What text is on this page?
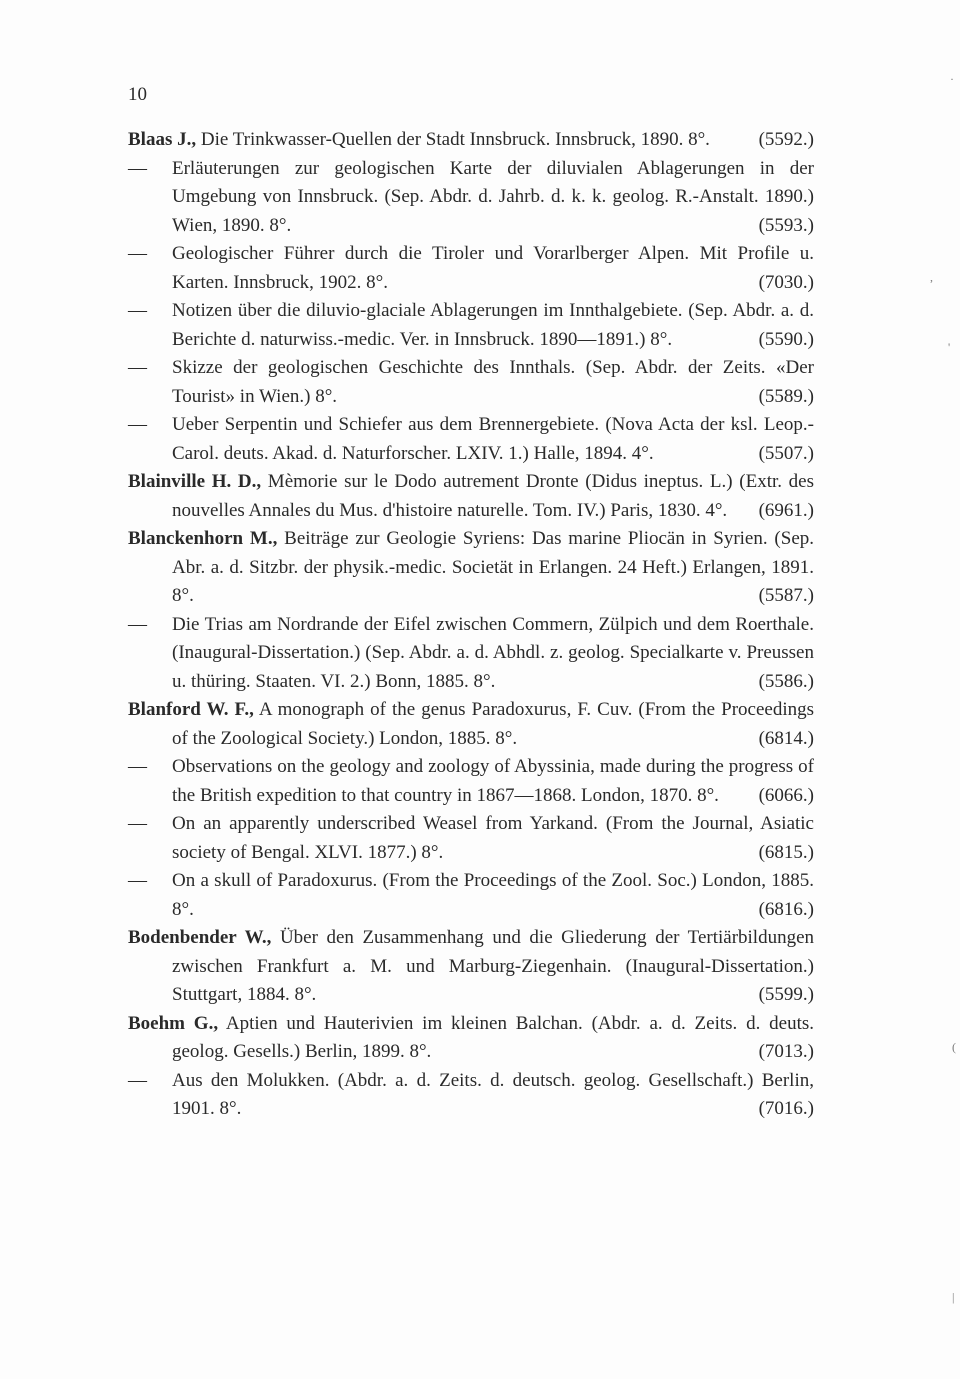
10
Blaas J., Die Trinkwasser-Quellen der Stadt Innsbruck. Innsbruck, 1890. 8°.	(5592.)
— Erläuterungen zur geologischen Karte der diluvialen Ablagerungen in der Umgebung von Innsbruck. (Sep. Abdr. d. Jahrb. d. k. k. geolog. R.-Anstalt. 1890.) Wien, 1890. 8°.	(5593.)
— Geologischer Führer durch die Tiroler und Vorarlberger Alpen. Mit Profile u. Karten. Innsbruck, 1902. 8°.	(7030.)
— Notizen über die diluvio-glaciale Ablagerungen im Innthalgebiete. (Sep. Abdr. a. d. Berichte d. naturwiss.-medic. Ver. in Innsbruck. 1890—1891.) 8°.	(5590.)
— Skizze der geologischen Geschichte des Innthals. (Sep. Abdr. der Zeits. «Der Tourist» in Wien.) 8°.	(5589.)
— Ueber Serpentin und Schiefer aus dem Brennergebiete. (Nova Acta der ksl. Leop.-Carol. deuts. Akad. d. Naturforscher. LXIV. 1.) Halle, 1894. 4°.	(5507.)
Blainville H. D., Mèmorie sur le Dodo autrement Dronte (Didus ineptus. L.) (Extr. des nouvelles Annales du Mus. d'histoire naturelle. Tom. IV.) Paris, 1830. 4°.	(6961.)
Blanckenhorn M., Beiträge zur Geologie Syriens: Das marine Pliocän in Syrien. (Sep. Abr. a. d. Sitzbr. der physik.-medic. Societät in Erlangen. 24 Heft.) Erlangen, 1891. 8°.	(5587.)
— Die Trias am Nordrande der Eifel zwischen Commern, Zülpich und dem Roerthale. (Inaugural-Dissertation.) (Sep. Abdr. a. d. Abhdl. z. geolog. Specialkarte v. Preussen u. thüring. Staaten. VI. 2.) Bonn, 1885. 8°.	(5586.)
Blanford W. F., A monograph of the genus Paradoxurus, F. Cuv. (From the Proceedings of the Zoological Society.) London, 1885. 8°.	(6814.)
— Observations on the geology and zoology of Abyssinia, made during the progress of the British expedition to that country in 1867—1868. London, 1870. 8°.	(6066.)
— On an apparently underscribed Weasel from Yarkand. (From the Journal, Asiatic society of Bengal. XLVI. 1877.) 8°.	(6815.)
— On a skull of Paradoxurus. (From the Proceedings of the Zool. Soc.) London, 1885. 8°.	(6816.)
Bodenbender W., Über den Zusammenhang und die Gliederung der Tertiärbildungen zwischen Frankfurt a. M. und Marburg-Ziegenhain. (Inaugural-Dissertation.) Stuttgart, 1884. 8°.	(5599.)
Boehm G., Aptien und Hauterivien im kleinen Balchan. (Abdr. a. d. Zeits. d. deuts. geolog. Gesells.) Berlin, 1899. 8°.	(7013.)
— Aus den Molukken. (Abdr. a. d. Zeits. d. deutsch. geolog. Gesellschaft.) Berlin, 1901. 8°.	(7016.)
·
,
'
(
|
